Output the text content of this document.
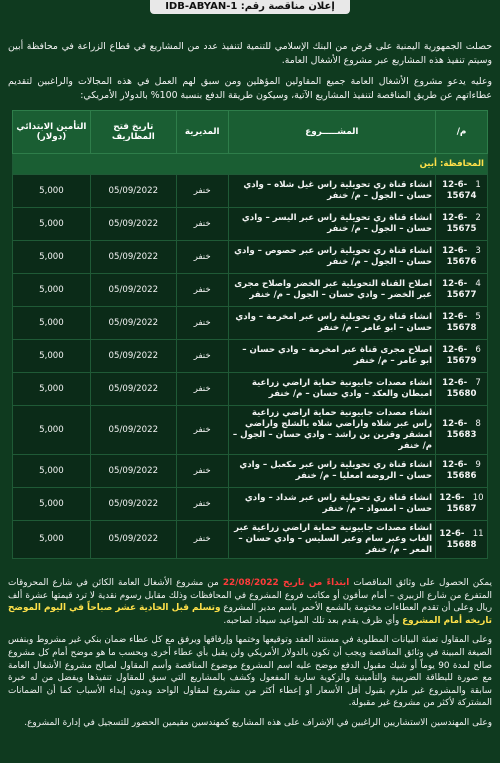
IDB-ABYAN-1 :إعلان مناقصة رقم

حصلت الجمهورية اليمنية على قرض من البنك الإسلامي للتنمية لتنفيذ عدد من المشاريع في قطاع الزراعة في محافظة أبين وسيتم تنفيذ هذه المشاريع عبر مشروع الأشغال العامة.

وعليه يدعو مشروع الأشغال العامة جميع المقاولين المؤهلين ومن سبق لهم العمل في هذه المجالات والراغبين لتقديم عطاءاتهم عن طريق المناقصة لتنفيذ المشاريع الآتية، وسيكون طريقة الدفع بنسبة 100% بالدولار الأمريكي:

م/	المشـــــروع	المديرية	تاريخ فتح المظاريف	التأمين الابتدائي (دولار)
المحافظة: أبين				
1   12-6-15674	انشاء قناة ري تحويلية راس غيل شلاه – وادي حسان – الجول – م/ خنفر	خنفر	05/09/2022	5,000
2   12-6-15675	انشاء قناة ري تحويلية راس عبر اليسر – وادي حسان – الجول – م/ خنفر	خنفر	05/09/2022	5,000
3   12-6-15676	انشاء قناة ري تحويلية راس عبر حصوص – وادي حسان – الجول – م/ خنفر	خنفر	05/09/2022	5,000
4   12-6-15677	اصلاح القناة التحويلية عبر الخضر واصلاح مجرى عبر الخضر – وادي حسان – الجول – م/ خنفر	خنفر	05/09/2022	5,000
5   12-6-15678	انشاء قناة ري تحويلية راس عبر امخرمة – وادي حسان – ابو عامر – م/ خنفر	خنفر	05/09/2022	5,000
6   12-6-15679	اصلاح مجرى قناة عبر امخرمة – وادي حسان – ابو عامر – م/ خنفر	خنفر	05/09/2022	5,000
7   12-6-15680	انشاء مصدات جابيونية حماية اراضي زراعية امبطان والعكد – وادي حسان – م/ خنفر	خنفر	05/09/2022	5,000
8   12-6-15683	انشاء مصدات جابيونية حماية اراضي زراعية راس عبر شلاه واراضي شلاه بالشلج واراضي امشقر وقرين بن راشد – وادي حسان – الجول – م/ خنفر	خنفر	05/09/2022	5,000
9   12-6-15686	انشاء قناة ري تحويلية راس عبر مكعبل – وادي حسان – الروضه امعليا – م/ خنفر	خنفر	05/09/2022	5,000
10   12-6-15687	انشاء قناة ري تحويلية راس عبر شداد – وادي حسان – امسواد – م/ خنفر	خنفر	05/09/2022	5,000
11   12-6-15688	انشاء مصدات جابيونية حماية اراضي زراعية عبر الغاب وعبر سام وعبر السليس – وادي حسان – المعر – م/ خنفر	خنفر	05/09/2022	5,000

يمكن الحصول على وثائق المناقصات ابتداءً من تاريخ 22/08/2022 من مشروع الأشغال العامة الكائن في شارع المحروقات المتفرع من شارع الزبيري – أمام سأفون أو مكاتب فروع المشروع في المحافظات وذلك مقابل رسوم نقدية لا ترد قيمتها عشرة ألف ريال وعلى أن تقدم العطاءات مختومة بالشمع الأحمر باسم مدير المشروع وتسلم قبل الحادية عشر صباحاً في اليوم الموضح تاريخه أمام المشروع وأي ظرف يقدم بعد تلك المواعيد سيعاد لصاحبه.

وعلى المقاول تعبئة البيانات المطلوبة في مستند العقد وتوقيعها وختمها وإرفاقها ويرفق مع كل عطاء ضمان بنكي غير مشروط وبنفس الصيغة المبينة في وثائق المناقصة ويجب أن تكون بالدولار الأمريكي ولن يقبل بأي عطاء أخرى وبحسب ما هو موضح أمام كل مشروع صالح لمدة 90 يوماً أو شيك مقبول الدفع موضح عليه اسم المشروع موضوع المناقصة وأسم المقاول لصالح مشروع الأشغال العامة مع صورة للبطاقة الضريبية والتأمينية والزكوية سارية المفعول وكشف بالمشاريع التي سبق للمقاول تنفيذها ويفضل من له خبرة سابقة والمشروع غير ملزم بقبول أقل الأسعار أو إعطاء أكثر من مشروع لمقاول الواحد وبدون إبداء الأسباب كما أن الضمانات المشتركة لأكثر من مشروع غير مقبولة.

وعلى المهندسين الاستشاريين الراغبين في الإشراف على هذه المشاريع كمهندسين مقيمين الحضور للتسجيل في إدارة المشروع.
